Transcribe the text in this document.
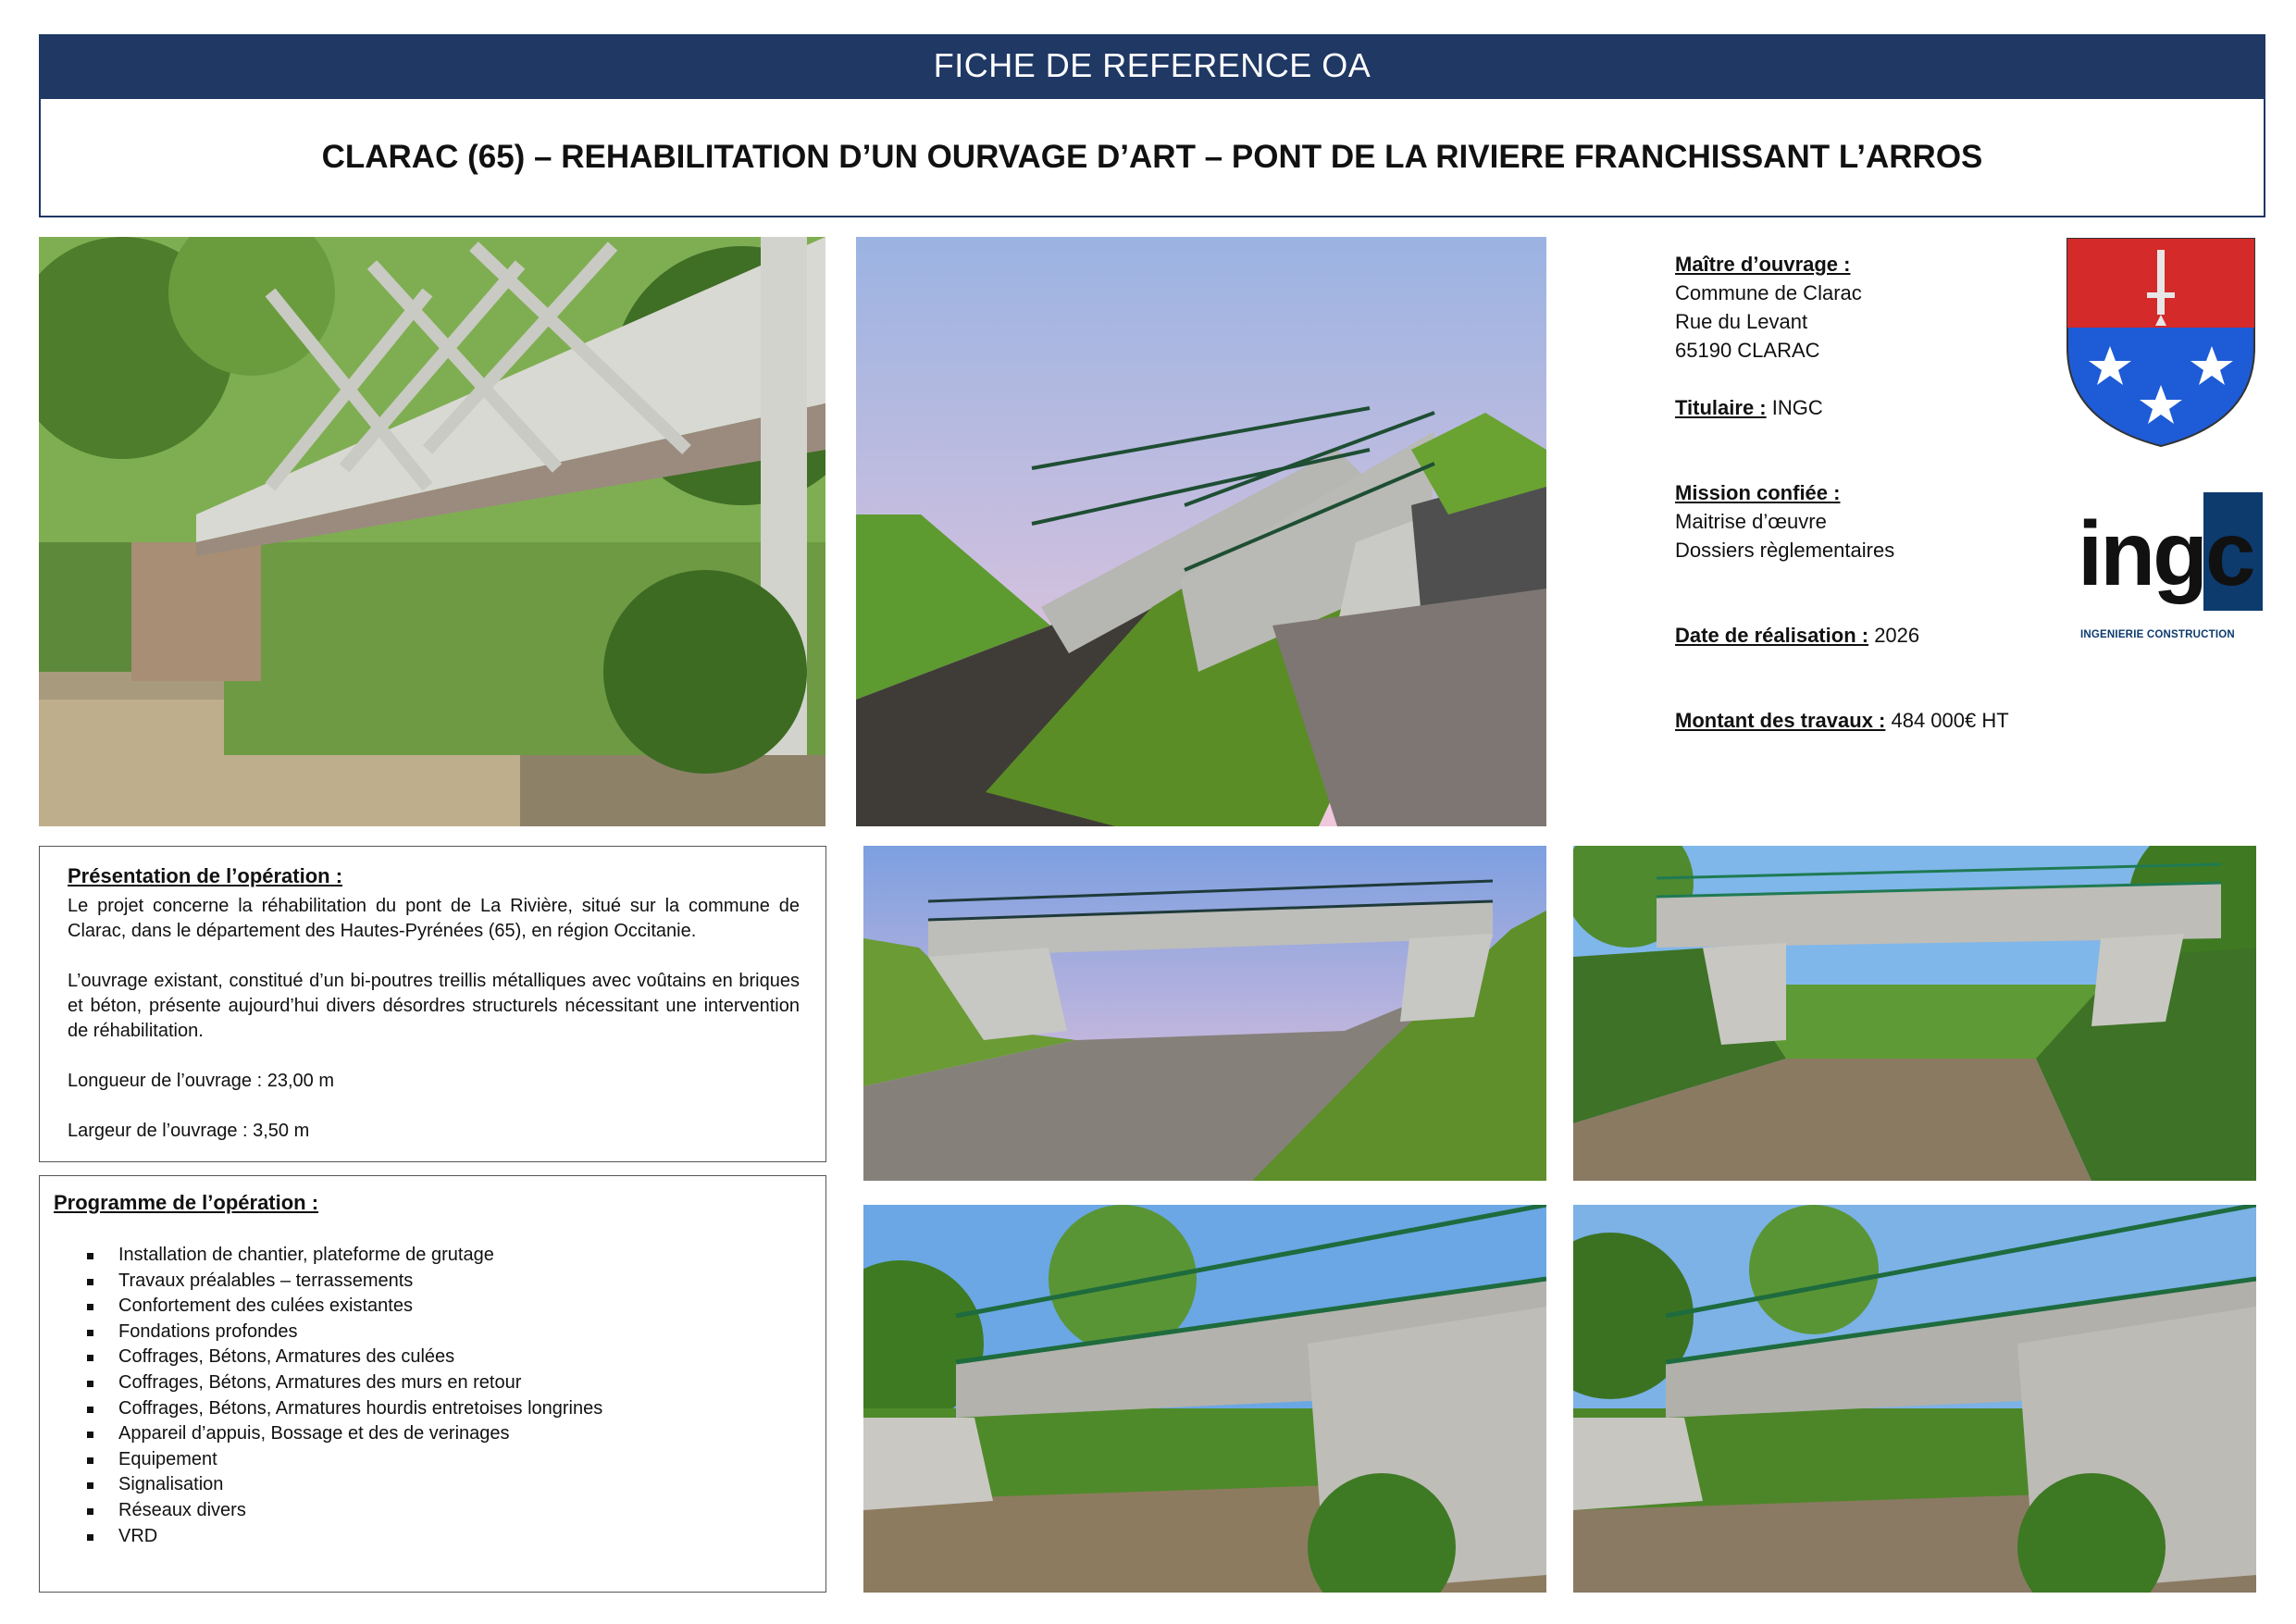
FICHE DE REFERENCE OA
CLARAC (65) – REHABILITATION D’UN OURVAGE D’ART – PONT DE LA RIVIERE FRANCHISSANT L’ARROS
ingc
INGENIERIE CONSTRUCTION
Maître d’ouvrage :
Commune de Clarac
Rue du Levant
65190 CLARAC
Titulaire : INGC
Mission confiée :
Maitrise d’œuvre
Dossiers règlementaires
Date de réalisation : 2026
Montant des travaux : 484 000€ HT
Présentation de l’opération :

Le projet concerne la réhabilitation du pont de La Rivière, situé sur la commune de Clarac, dans le département des Hautes-Pyrénées (65), en région Occitanie.

L’ouvrage existant, constitué d’un bi-poutres treillis métalliques avec voûtains en briques et béton, présente aujourd’hui divers désordres structurels nécessitant une intervention de réhabilitation.

Longueur de l’ouvrage : 23,00 m

Largeur de l’ouvrage : 3,50 m

Programme de l’opération :
Installation de chantier, plateforme de grutage
Travaux préalables – terrassements
Confortement des culées existantes
Fondations profondes
Coffrages, Bétons, Armatures des culées
Coffrages, Bétons, Armatures des murs en retour
Coffrages, Bétons, Armatures hourdis entretoises longrines
Appareil d’appuis, Bossage et des de verinages
Equipement
Signalisation
Réseaux divers
VRD
